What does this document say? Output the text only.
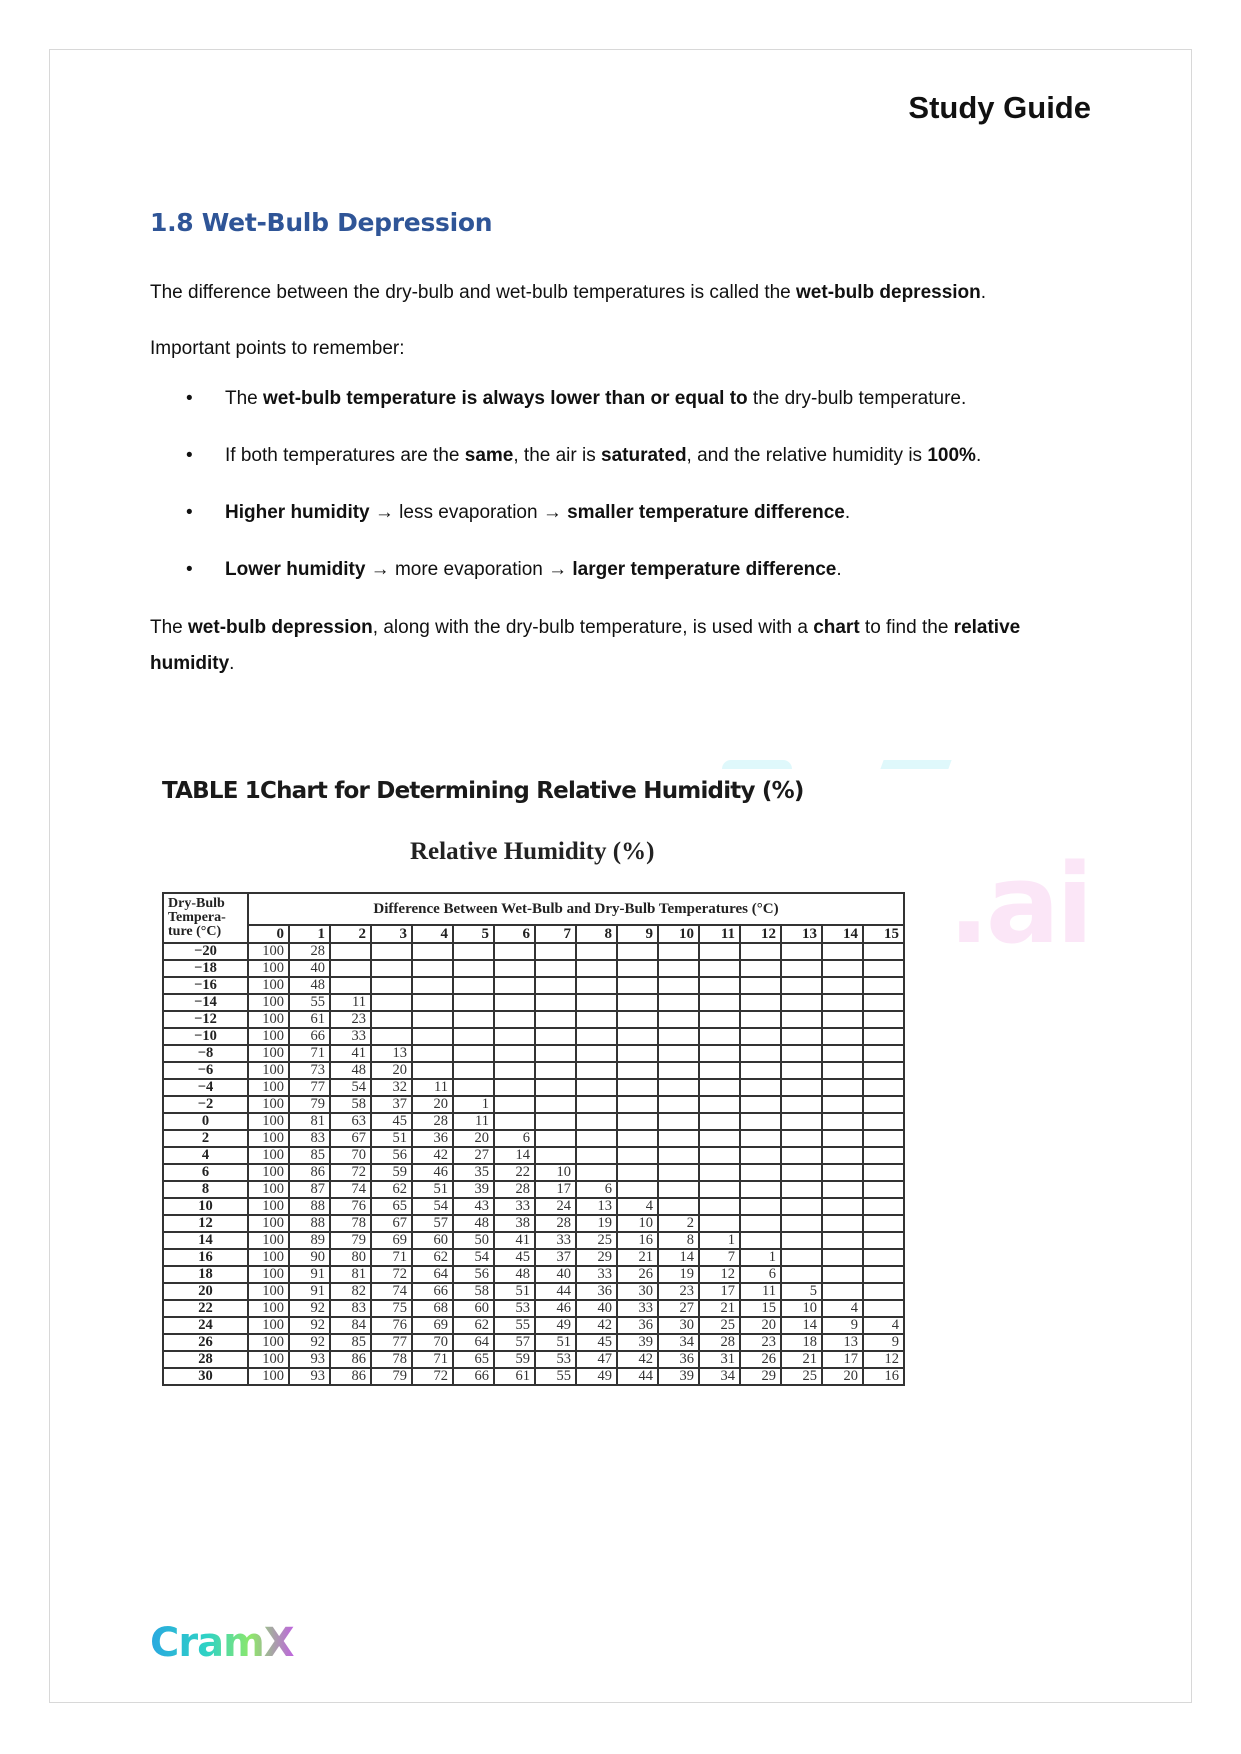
Study Guide
1.8 Wet-Bulb Depression
The difference between the dry-bulb and wet-bulb temperatures is called the wet-bulb depression.
Important points to remember:
• The wet-bulb temperature is always lower than or equal to the dry-bulb temperature.
• If both temperatures are the same, the air is saturated, and the relative humidity is 100%.
• Higher humidity → less evaporation → smaller temperature difference.
• Lower humidity → more evaporation → larger temperature difference.
The wet-bulb depression, along with the dry-bulb temperature, is used with a chart to find the relative humidity.
.ai
TABLE 1Chart for Determining Relative Humidity (%)
Relative Humidity (%)
Dry-Bulb Tempera-ture (°C)	Difference Between Wet-Bulb and Dry-Bulb Temperatures (°C)															
	0	1	2	3	4	5	6	7	8	9	10	11	12	13	14	15
−20	100	28														
−18	100	40														
−16	100	48														
−14	100	55	11													
−12	100	61	23													
−10	100	66	33													
−8	100	71	41	13												
−6	100	73	48	20												
−4	100	77	54	32	11											
−2	100	79	58	37	20	1										
0	100	81	63	45	28	11										
2	100	83	67	51	36	20	6									
4	100	85	70	56	42	27	14									
6	100	86	72	59	46	35	22	10								
8	100	87	74	62	51	39	28	17	6							
10	100	88	76	65	54	43	33	24	13	4						
12	100	88	78	67	57	48	38	28	19	10	2					
14	100	89	79	69	60	50	41	33	25	16	8	1				
16	100	90	80	71	62	54	45	37	29	21	14	7	1			
18	100	91	81	72	64	56	48	40	33	26	19	12	6			
20	100	91	82	74	66	58	51	44	36	30	23	17	11	5		
22	100	92	83	75	68	60	53	46	40	33	27	21	15	10	4	
24	100	92	84	76	69	62	55	49	42	36	30	25	20	14	9	4
26	100	92	85	77	70	64	57	51	45	39	34	28	23	18	13	9
28	100	93	86	78	71	65	59	53	47	42	36	31	26	21	17	12
30	100	93	86	79	72	66	61	55	49	44	39	34	29	25	20	16
CramX
